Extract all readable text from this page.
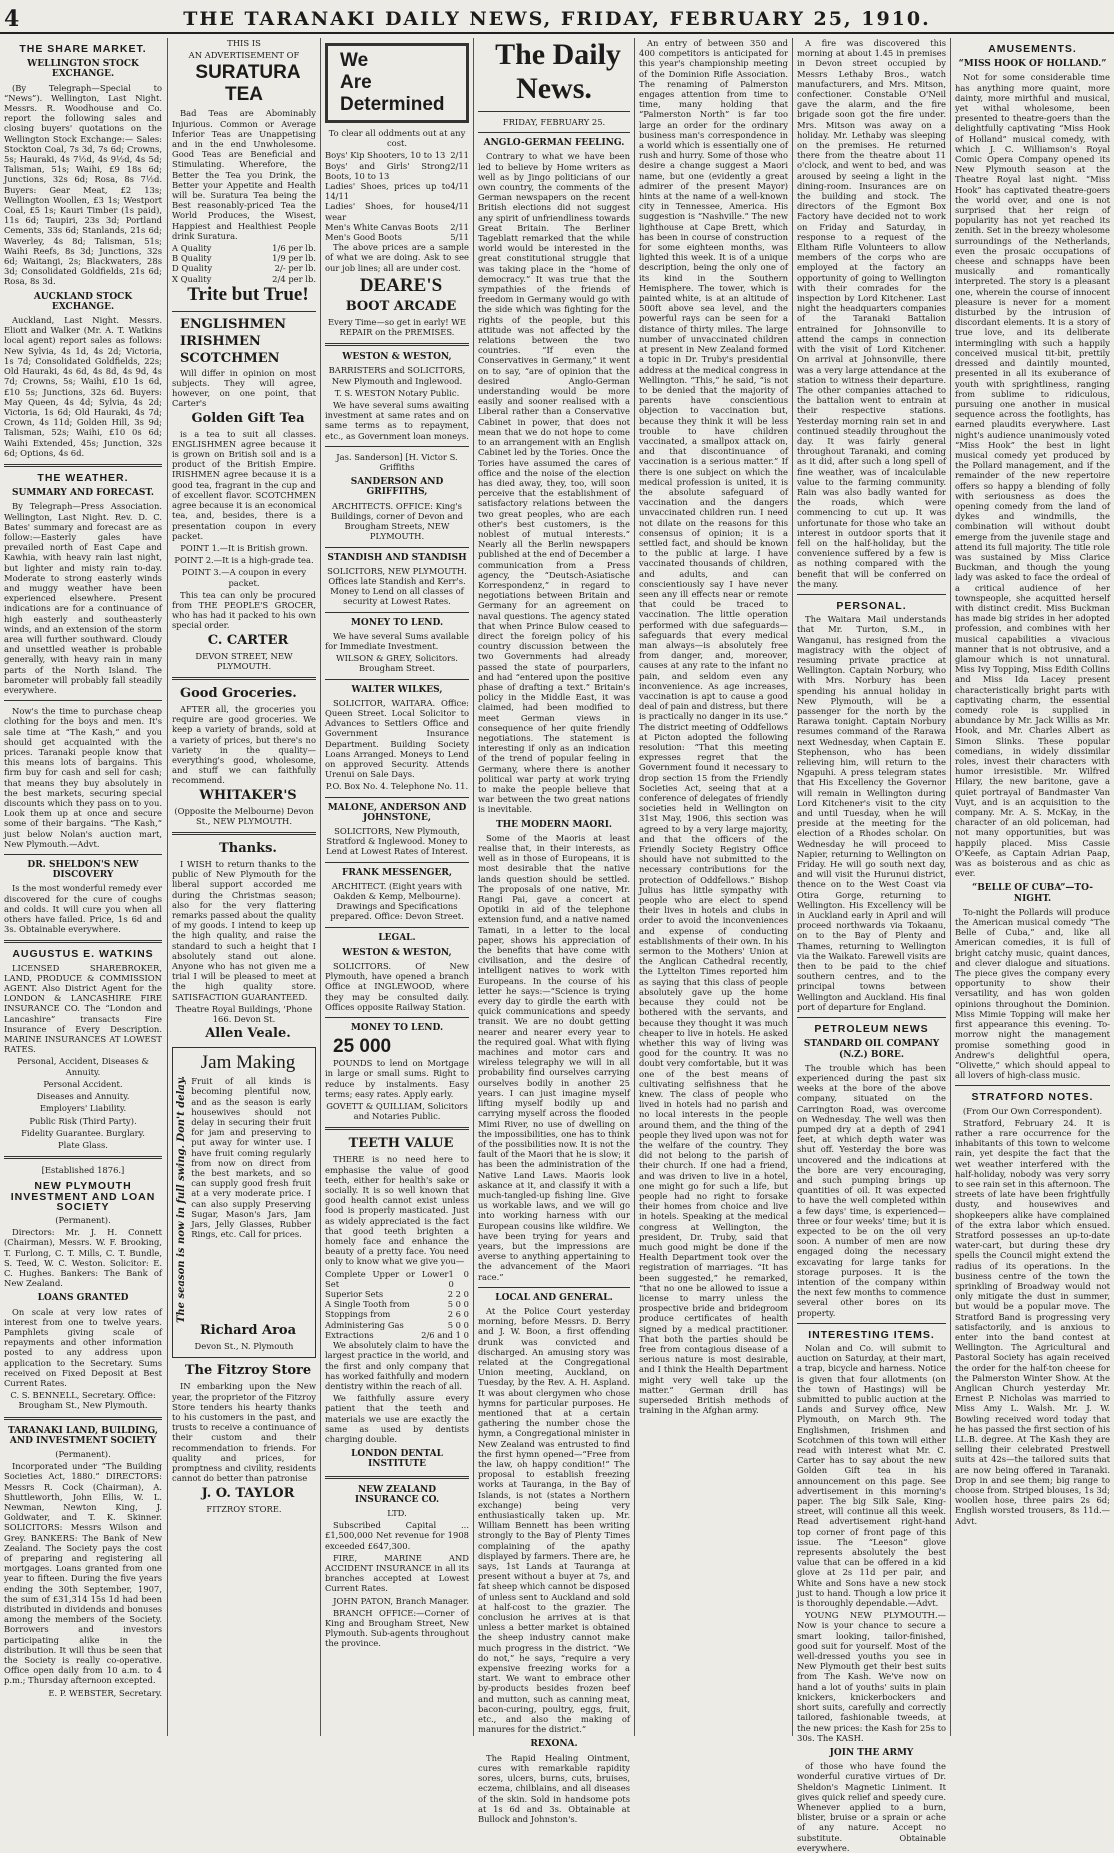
4	THE TARANAKI DAILY NEWS, FRIDAY, FEBRUARY 25, 1910.

THE SHARE MARKET.

WELLINGTON STOCK EXCHANGE.

(By Telegraph—Special to “News”). Wellington, Last Night. Messrs. R. Woodhouse and Co. report the following sales and closing buyers' quotations on the Wellington Stock Exchange:— Sales: Stockton Coal, 7s 3d, 7s 6d; Crowns, 5s; Hauraki, 4s 7½d, 4s 9½d, 4s 5d; Talisman, 51s; Waihi, £9 18s 6d; Junctions, 32s 6d; Rosa, 8s 7½d. Buyers: Gear Meat, £2 13s; Wellington Woollen, £3 1s; Westport Coal, £5 1s; Kauri Timber (1s paid), 11s 6d; Taupiri, 23s 3d; Portland Cements, 33s 6d; Stanlands, 21s 6d; Waverley, 4s 8d; Talisman, 51s; Waihi Reefs, 8s 3d; Junctions, 32s 6d; Waitangi, 2s; Blackwaters, 28s 3d; Consolidated Goldfields, 21s 6d; Rosa, 8s 3d.

AUCKLAND STOCK EXCHANGE.

Auckland, Last Night. Messrs. Eliott and Walker (Mr. A. T. Watkins local agent) report sales as follows: New Sylvia, 4s 1d, 4s 2d; Victoria, 1s 7d; Consolidated Goldfields, 22s; Old Hauraki, 4s 6d, 4s 8d, 4s 9d, 4s 7d; Crowns, 5s; Waihi, £10 1s 6d, £10 5s; Junctions, 32s 6d. Buyers: May Queen, 4s 4d; Sylvia, 4s 2d; Victoria, 1s 6d; Old Hauraki, 4s 7d; Crown, 4s 11d; Golden Hill, 3s 9d; Talisman, 52s; Waihi, £10 0s 6d; Waihi Extended, 45s; Junction, 32s 6d; Options, 4s 6d.

THE WEATHER.

SUMMARY AND FORECAST.

By Telegraph—Press Association. Wellington, Last Night. Rev. D. C. Bates' summary and forecast are as follow:—Easterly gales have prevailed north of East Cape and Kawhia, with heavy rain last night, but lighter and misty rain to-day. Moderate to strong easterly winds and muggy weather have been experienced elsewhere. Present indications are for a continuance of high easterly and southeasterly winds, and an extension of the storm area will further southward. Cloudy and unsettled weather is probable generally, with heavy rain in many parts of the North Island. The barometer will probably fall steadily everywhere.

Now's the time to purchase cheap clothing for the boys and men. It's sale time at “The Kash,” and you should get acquainted with the prices. Taranaki people know that this means lots of bargains. This firm buy for cash and sell for cash; that means they buy absolutely in the best markets, securing special discounts which they pass on to you. Look them up at once and secure some of their bargains. “The Kash,” just below Nolan's auction mart, New Plymouth.—Advt.

DR. SHELDON'S NEW DISCOVERY

Is the most wonderful remedy ever discovered for the cure of coughs and colds. It will cure you when all others have failed. Price, 1s 6d and 3s. Obtainable everywhere.

AUGUSTUS E. WATKINS

LICENSED SHAREBROKER, LAND, PRODUCE & COMMISSION AGENT. Also District Agent for the LONDON & LANCASHIRE FIRE INSURANCE CO. The “London and Lancashire” transacts Fire Insurance of Every Description. MARINE INSURANCES AT LOWEST RATES.

Personal, Accident, Diseases & Annuity.

Personal Accident.

Diseases and Annuity.

Employers' Liability.

Public Risk (Third Party).

Fidelity Guarantee. Burglary.

Plate Glass.

[Established 1876.]

NEW PLYMOUTH INVESTMENT AND LOAN SOCIETY

(Permanent).

Directors: Mr. J. H. Connett (Chairman), Messrs. W. F. Brooking, T. Furlong, C. T. Mills, C. T. Bundle, S. Teed, W. C. Weston. Solicitor: E. C. Hughes. Bankers: The Bank of New Zealand.

LOANS GRANTED

On scale at very low rates of interest from one to twelve years. Pamphlets giving scale of repayments and other information posted to any address upon application to the Secretary. Sums received on Fixed Deposit at Best Current Rates.

C. S. BENNELL, Secretary. Office: Brougham St., New Plymouth.

TARANAKI LAND, BUILDING, AND INVESTMENT SOCIETY

(Permanent).

Incorporated under “The Building Societies Act, 1880.” DIRECTORS: Messrs R. Cock (Chairman), A. Shuttleworth, John Ellis, W. L. Newman, Newton King, J. Goldwater, and T. K. Skinner. SOLICITORS: Messrs Wilson and Grey. BANKERS: The Bank of New Zealand. The Society pays the cost of preparing and registering all mortgages. Loans granted from one year to fifteen. During the five years ending the 30th September, 1907, the sum of £31,314 15s 1d had been distributed in dividends and bonuses among the members of the Society. Borrowers and investors participating alike in the distribution. It will thus be seen that the Society is really co-operative. Office open daily from 10 a.m. to 4 p.m.; Thursday afternoon excepted.

E. P. WEBSTER, Secretary.

THIS IS

AN ADVERTISEMENT OF

SURATURA TEA

Bad Teas are Abominably Injurious. Common or Average Inferior Teas are Unappetising and in the end Unwholesome. Good Teas are Beneficial and Stimulating. Wherefore, the Better the Tea you Drink, the Better your Appetite and Health will be. Suratura Tea being the Best reasonably-priced Tea the World Produces, the Wisest, Happiest and Healthiest People drink Suratura.

A Quality	1/6 per lb.
B Quality	1/9 per lb.
D Quality	2/- per lb.
X Quality	2/4 per lb.

Trite but True!

ENGLISHMEN

IRISHMEN

SCOTCHMEN

Will differ in opinion on most subjects. They will agree, however, on one point, that Carter's

Golden Gift Tea

is a tea to suit all classes. ENGLISHMEN agree because it is grown on British soil and is a product of the British Empire. IRISHMEN agree because it is a good tea, fragrant in the cup and of excellent flavor. SCOTCHMEN agree because it is an economical tea, and, besides, there is a presentation coupon in every packet.

POINT 1.—It is British grown.

POINT 2.—It is a high-grade tea.

POINT 3.—A coupon in every packet.

This tea can only be procured from THE PEOPLE'S GROCER, who has had it packed to his own special order.

C. CARTER

DEVON STREET, NEW PLYMOUTH.

Good Groceries.

AFTER all, the groceries you require are good groceries. We keep a variety of brands, sold at a variety of prices, but there's no variety in the quality—everything's good, wholesome, and stuff we can faithfully recommend.

WHITAKER'S

(Opposite the Melbourne) Devon St., NEW PLYMOUTH.

Thanks.

I WISH to return thanks to the public of New Plymouth for the liberal support accorded me during the Christmas season; also for the very flattering remarks passed about the quality of my goods. I intend to keep up the high quality, and raise the standard to such a height that I absolutely stand out alone. Anyone who has not given me a trial I will be pleased to meet at the high quality store. SATISFACTION GUARANTEED.

Theatre Royal Buildings, 'Phone 166. Devon St.

Allen Veale.

Jam Making

The season is now in full swing. Don't delay. Fruit of all kinds is becoming plentiful now, and as the season is early housewives should not delay in securing their fruit for jam and preserving to put away for winter use. I have fruit coming regularly from now on direct from the best markets, and so can supply good fresh fruit at a very moderate price. I can also supply Preserving Sugar, Mason's Jars, Jam Jars, Jelly Glasses, Rubber Rings, etc. Call for prices.

Richard Aroa

Devon St., N. Plymouth

The Fitzroy Store

IN embarking upon the New year, the proprietor of the Fitzroy Store tenders his hearty thanks to his customers in the past, and trusts to receive a continuance of their custom and their recommendation to friends. For quality and prices, for promptness and civility, residents cannot do better than patronise

J. O. TAYLOR

FITZROY STORE.

We

Are

Determined

To clear all oddments out at any cost.

Boys' Kip Shooters, 10 to 13 2/11
Boys' and Girls' Strong Boots, 10 to 13
2/11
Ladies' Shoes, prices up to 14/11
4/11
Ladies' Shoes, for house wear
4/11
Men's White Canvas Boots 2/11
Men's Good Boots	5/11

The above prices are a sample of what we are doing. Ask to see our job lines; all are under cost.

DEARE'S

BOOT ARCADE

Every Time—so get in early! WE REPAIR on the PREMISES.

WESTON & WESTON,

BARRISTERS and SOLICITORS, New Plymouth and Inglewood.

T. S. WESTON Notary Public.

We have several sums awaiting investment at same rates and on same terms as to repayment, etc., as Government loan moneys.

Jas. Sanderson] [H. Victor S. Griffiths

SANDERSON AND GRIFFITHS,

ARCHITECTS. OFFICE: King's Buildings, corner of Devon and Brougham Streets, NEW PLYMOUTH.

STANDISH AND STANDISH

SOLICITORS, NEW PLYMOUTH. Offices late Standish and Kerr's. Money to Lend on all classes of security at Lowest Rates.

MONEY TO LEND.

We have several Sums available for Immediate Investment.

WILSON & GREY, Solicitors. Brougham Street.

WALTER WILKES,

SOLICITOR, WAITARA. Office: Queen Street. Local Solicitor to Advances to Settlers Office and Government Insurance Department. Building Society Loans Arranged. Moneys to Lend on approved Security. Attends Urenui on Sale Days.

P.O. Box No. 4. Telephone No. 11.

MALONE, ANDERSON AND JOHNSTONE,

SOLICITORS, New Plymouth, Stratford & Inglewood. Money to Lend at Lowest Rates of Interest.

FRANK MESSENGER,

ARCHITECT. (Eight years with Oakden & Kemp, Melbourne). Drawings and Specifications prepared. Office: Devon Street.

LEGAL.

WESTON & WESTON,

SOLICITORS. Of New Plymouth, have opened a branch Office at INGLEWOOD, where they may be consulted daily. Offices opposite Railway Station.

MONEY TO LEND.

25 000

POUNDS to lend on Mortgage in large or small sums. Right to reduce by instalments. Easy terms; easy rates. Apply early.

GOVETT & QUILLIAM, Solicitors and Notaries Public.

TEETH VALUE

THERE is no need here to emphasise the value of good teeth, either for health's sake or socially. It is so well known that good health cannot exist unless food is properly masticated. Just as widely appreciated is the fact that good teeth brighten a homely face and enhance the beauty of a pretty face. You need only to know what we give you—

Complete Upper or Lower Set
1 0 0
Superior Sets	2 2 0
A Single Tooth from	5 0 0
Stoppings from	2 6 0
Administering Gas	5 0 0
Extractions	2/6 and 1 0

We absolutely claim to have the largest practice in the world, and the first and only company that has worked faithfully and modern dentistry within the reach of all.

We faithfully assure every patient that the teeth and materials we use are exactly the same as used by dentists charging double.

LONDON DENTAL INSTITUTE

NEW ZEALAND INSURANCE CO.

LTD.

Subscribed Capital ... £1,500,000 Net revenue for 1908 exceeded £647,300.

FIRE, MARINE AND ACCIDENT INSURANCE in all its branches accepted at Lowest Current Rates.

JOHN PATON, Branch Manager.

BRANCH OFFICE:—Corner of King and Brougham Street, New Plymouth. Sub-agents throughout the province.

The Daily News.

FRIDAY, FEBRUARY 25.

ANGLO-GERMAN FEELING.

Contrary to what we have been led to believe by Home writers as well as by Jingo politicians of our own country, the comments of the German newspapers on the recent British elections did not suggest any spirit of unfriendliness towards Great Britain. The Berliner Tageblatt remarked that the while world would be interested in the great constitutional struggle that was taking place in the “home of democracy.” It was true that the sympathies of the friends of freedom in Germany would go with the side which was fighting for the rights of the people, but this attitude was not affected by the relations between the two countries. “If even the Conservatives in Germany,” it went on to say, “are of opinion that the desired Anglo-German understanding would be more easily and sooner realised with a Liberal rather than a Conservative Cabinet in power, that does not mean that we do not hope to come to an arrangement with an English Cabinet led by the Tories. Once the Tories have assumed the cares of office and the noise of the election has died away, they, too, will soon perceive that the establishment of satisfactory relations between the two great peoples, who are each other's best customers, is the noblest of mutual interests.” Nearly all the Berlin newspapers published at the end of December a communication from a Press agency, the “Deutsch-Asiatische Korrespondenz,” in regard to negotiations between Britain and Germany for an agreement on naval questions. The agency stated that when Prince Bulow ceased to direct the foreign policy of his country discussion between the two Governments had already passed the state of pourparlers, and had “entered upon the positive phase of drafting a text.” Britain's policy in the Middle East, it was claimed, had been modified to meet German views in consequence of her quite friendly negotiations. The statement is interesting if only as an indication of the trend of popular feeling in Germany, where there is another political war party at work trying to make the people believe that war between the two great nations is inevitable.

THE MODERN MAORI.

Some of the Maoris at least realise that, in their interests, as well as in those of Europeans, it is most desirable that the native lands question should be settled. The proposals of one native, Mr. Rangi Pai, gave a concert at Opotiki in aid of the telephone extension fund, and a native named Tamati, in a letter to the local paper, shows his appreciation of the benefits that have come with civilisation, and the desire of intelligent natives to work with Europeans. In the course of his letter he says:—“Science is trying every day to girdle the earth with quick communications and speedy transit. We are no doubt getting nearer and nearer every year to the required goal. What with flying machines and motor cars and wireless telegraphy we will in all probability find ourselves carrying ourselves bodily in another 25 years. I can just imagine myself lifting myself bodily up and carrying myself across the flooded Mimi River, no use of dwelling on the impossibilities, one has to think of the possibilities now. It is not the fault of the Maori that he is slow; it has been the administration of the Native Land Laws. Maoris look askance at it, and classify it with a much-tangled-up fishing line. Give us workable laws, and we will go into working harness with our European cousins like wildfire. We have been trying for years and years, but the impressions are averse to anything appertaining to the advancement of the Maori race.”

LOCAL AND GENERAL.

At the Police Court yesterday morning, before Messrs. D. Berry and J. W. Boon, a first offending drunk was convicted and discharged. An amusing story was related at the Congregational Union meeting, Auckland, on Tuesday, by the Rev. A. H. Aspland. It was about clergymen who chose hymns for particular purposes. He mentioned that at a certain gathering the number chose the hymn, a Congregational minister in New Zealand was entrusted to find the first hymn opened—“Free from the law, oh happy condition!” The proposal to establish freezing works at Tauranga, in the Bay of Islands, is not (states a Northern exchange) being very enthusiastically taken up. Mr. William Bennett has been writing strongly to the Bay of Plenty Times complaining of the apathy displayed by farmers. There are, he says, 1st Lands at Tauranga at present without a buyer at 7s, and fat sheep which cannot be disposed of unless sent to Auckland and sold at half-cost to the grazier. The conclusion he arrives at is that unless a better market is obtained the sheep industry cannot make much progress in the district. “We do not,” he says, “require a very expensive freezing works for a start. We want to embrace other by-products besides frozen beef and mutton, such as canning meat, bacon-curing, poultry, eggs, fruit, etc., and also the making of manures for the district.”

REXONA.

The Rapid Healing Ointment, cures with remarkable rapidity sores, ulcers, burns, cuts, bruises, eczema, chilblains, and all diseases of the skin. Sold in handsome pots at 1s 6d and 3s. Obtainable at Bullock and Johnston's.

An entry of between 350 and 400 competitors is anticipated for this year's championship meeting of the Dominion Rifle Association. The renaming of Palmerston engages attention from time to time, many holding that “Palmerston North” is far too large an order for the ordinary business man's correspondence in a world which is essentially one of rush and hurry. Some of those who desire a change suggest a Maori name, but one (evidently a great admirer of the present Mayor) hints at the name of a well-known city in Tennessee, America. His suggestion is “Nashville.” The new lighthouse at Cape Brett, which has been in course of construction for some eighteen months, was lighted this week. It is of a unique description, being the only one of its kind in the Southern Hemisphere. The tower, which is painted white, is at an altitude of 500ft above sea level, and the powerful rays can be seen for a distance of thirty miles. The large number of unvaccinated children at present in New Zealand formed a topic in Dr. Truby's presidential address at the medical congress in Wellington. “This,” he said, “is not to be denied that the majority of parents have conscientious objection to vaccination but, because they think it will be less trouble to have children vaccinated, a smallpox attack on, and that discontinuance of vaccination is a serious matter.” If there is one subject on which the medical profession is united, it is the absolute safeguard of vaccination and the dangers unvaccinated children run. I need not dilate on the reasons for this consensus of opinion; it is a settled fact, and should be known to the public at large. I have vaccinated thousands of children, and adults, and can conscientiously say I have never seen any ill effects near or remote that could be traced to vaccination. The little operation performed with due safeguards—safeguards that every medical man always—is absolutely free from danger, and, moreover, causes at any rate to the infant no pain, and seldom even any inconvenience. As age increases, vaccination is apt to cause a good deal of pain and distress, but there is practically no danger in its use.” The district meeting of Oddfellows at Picton adopted the following resolution: “That this meeting expresses regret that the Government found it necessary to drop section 15 from the Friendly Societies Act, seeing that at a conference of delegates of friendly societies held in Wellington on 31st May, 1906, this section was agreed to by a very large majority, and that the officers of the Friendly Society Registry Office should have not submitted to the necessary contributions for the protection of Oddfellows.” Bishop Julius has little sympathy with people who are elect to spend their lives in hotels and clubs in order to avoid the inconveniences and expense of conducting establishments of their own. In his sermon to the Mothers' Union at the Anglican Cathedral recently, the Lyttelton Times reported him as saying that this class of people absolutely gave up the home because they could not be bothered with the servants, and because they thought it was much cheaper to live in hotels. He asked whether this way of living was good for the country. It was no doubt very comfortable, but it was one of the best means of cultivating selfishness that he knew. The class of people who lived in hotels had no parish and no local interests in the people around them, and the thing of the people they lived upon was not for the welfare of the country. They did not belong to the parish of their church. If one had a friend, and was driven to live in a hotel, one might go for such a life, but people had no right to forsake their homes from choice and live in hotels. Speaking at the medical congress at Wellington, the president, Dr. Truby, said that much good might be done if the Health Department took over the registration of marriages. “It has been suggested,” he remarked, “that no one be allowed to issue a license to marry unless the prospective bride and bridegroom produce certificates of health signed by a medical practitioner. That both the parties should be free from contagious disease of a serious nature is most desirable, and I think the Health Department might very well take up the matter.” German drill has superseded British methods of training in the Afghan army.

A fire was discovered this morning at about 1.45 in premises in Devon street occupied by Messrs Lethaby Bros., watch manufacturers, and Mrs. Mitson, confectioner. Constable O'Neil gave the alarm, and the fire brigade soon got the fire under. Mrs. Mitson was away on a holiday. Mr. Lethaby was sleeping on the premises. He returned there from the theatre about 11 o'clock, and went to bed, and was aroused by seeing a light in the dining-room. Insurances are on the building and stock. The directors of the Egmont Box Factory have decided not to work on Friday and Saturday, in response to a request of the Eltham Rifle Volunteers to allow members of the corps who are employed at the factory an opportunity of going to Wellington with their comrades for the inspection by Lord Kitchener. Last night the headquarters companies of the Taranaki Battalion entrained for Johnsonville to attend the camps in connection with the visit of Lord Kitchener. On arrival at Johnsonville, there was a very large attendance at the station to witness their departure. The other companies attached to the battalion went to entrain at their respective stations. Yesterday morning rain set in and continued steadily throughout the day. It was fairly general throughout Taranaki, and coming as it did, after such a long spell of fine weather, was of incalculable value to the farming community. Rain was also badly wanted for the roads, which were commencing to cut up. It was unfortunate for those who take an interest in outdoor sports that it fell on the half-holiday, but the convenience suffered by a few is as nothing compared with the benefit that will be conferred on the many.

PERSONAL.

The Waitara Mail understands that Mr. Turton, S.M., in Wanganui, has resigned from the magistracy with the object of resuming private practice at Wellington. Captain Norbury, who with Mrs. Norbury has been spending his annual holiday in New Plymouth, will be a passenger for the north by the Rarawa tonight. Captain Norbury resumes command of the Rarawa next Wednesday, when Captain E. Stephenson, who has been relieving him, will return to the Ngapuhi. A press telegram states that His Excellency the Governor will remain in Wellington during Lord Kitchener's visit to the city and until Tuesday, when he will preside at the meeting for the election of a Rhodes scholar. On Wednesday he will proceed to Napier, returning to Wellington on Friday. He will go south next day, and will visit the Hurunui district, thence on to the West Coast via Otira Gorge, returning to Wellington. His Excellency will be in Auckland early in April and will proceed northwards via Tokaanu, on to the Bay of Plenty and Thames, returning to Wellington via the Waikato. Farewell visits are then to be paid to the chief southern centres, and to the principal towns between Wellington and Auckland. His final port of departure for England.

PETROLEUM NEWS

STANDARD OIL COMPANY (N.Z.) BORE.

The trouble which has been experienced during the past six weeks at the bore of the above company, situated on the Carrington Road, was overcome on Wednesday. The well was then pumped dry at a depth of 2941 feet, at which depth water was shut off. Yesterday the bore was uncovered and the indications at the bore are very encouraging, and such pumping brings up quantities of oil. It was expected to have the well completed within a few days' time, is experienced—three or four weeks' time; but it is expected to be on the oil very soon. A number of men are now engaged doing the necessary excavating for large tanks for storage purposes. It is the intention of the company within the next few months to commence several other bores on its property.

INTERESTING ITEMS.

Nolan and Co. will submit to auction on Saturday, at their mart, a trap, bicycle and harness. Notice is given that four allotments (on the town of Hastings) will be submitted to public auction at the Lands and Survey office, New Plymouth, on March 9th. The Englishmen, Irishmen and Scotchmen of this town will either read with interest what Mr. C. Carter has to say about the new Golden Gift tea in his announcement on this page. See advertisement in this morning's paper. The big Silk Sale, King-street, will continue all this week. Read advertisement right-hand top corner of front page of this issue. The “Leeson” glove represents absolutely the best value that can be offered in a kid glove at 2s 11d per pair, and White and Sons have a new stock just to hand. Though a low price it is thoroughly dependable.—Advt.

YOUNG NEW PLYMOUTH.—Now is your chance to secure a smart looking, tailor-finished, good suit for yourself. Most of the well-dressed youths you see in New Plymouth get their best suits from The Kash. We've now on hand a lot of youths' suits in plain knickers, knickerbockers and short suits, carefully and correctly tailored, fashionable tweeds, at the new prices: the Kash for 25s to 30s. The KASH.

JOIN THE ARMY

of those who have found the wonderful curative virtues of Dr. Sheldon's Magnetic Liniment. It gives quick relief and speedy cure. Whenever applied to a burn, blister, bruise or a sprain or ache of any nature. Accept no substitute. Obtainable everywhere.

AMUSEMENTS.

“MISS HOOK OF HOLLAND.”

Not for some considerable time has anything more quaint, more dainty, more mirthful and musical, yet withal wholesome, been presented to theatre-goers than the delightfully captivating “Miss Hook of Holland” musical comedy, with which J. C. Williamson's Royal Comic Opera Company opened its New Plymouth season at the Theatre Royal last night. “Miss Hook” has captivated theatre-goers the world over, and one is not surprised that her reign of popularity has not yet reached its zenith. Set in the breezy wholesome surroundings of the Netherlands, even the prosaic occupations of cheese and schnapps have been musically and romantically interpreted. The story is a pleasant one, wherein the course of innocent pleasure is never for a moment disturbed by the intrusion of discordant elements. It is a story of true love, and its deliberate intermingling with such a happily conceived musical tit-bit, prettily dressed and daintily mounted, presented in all its exuberance of youth with sprightliness, ranging from sublime to ridiculous, pursuing one another in musical sequence across the footlights, has earned plaudits everywhere. Last night's audience unanimously voted “Miss Hook” the best in light musical comedy yet produced by the Pollard management, and if the remainder of the new repertoire offers so happy a blending of folly with seriousness as does the opening comedy from the land of dykes and windmills, the combination will without doubt emerge from the juvenile stage and attend its full majority. The title role was sustained by Miss Clarice Buckman, and though the young lady was asked to face the ordeal of a critical audience of her townspeople, she acquitted herself with distinct credit. Miss Buckman has made big strides in her adopted profession, and combines with her musical capabilities a vivacious manner that is not obtrusive, and a glamour which is not unnatural. Miss Ivy Topping, Miss Edith Collins and Miss Ida Lacey present characteristically bright parts with captivating charm, the essential comedy role is supplied in abundance by Mr. Jack Willis as Mr. Hook, and Mr. Charles Albert as Simon Slinks. These popular comedians, in widely dissimilar roles, invest their characters with humor irresistible. Mr. Wilfred Hilary, the new baritone, gave a quiet portrayal of Bandmaster Van Vuyt, and is an acquisition to the company. Mr. A. S. McKay, in the character of an old policeman, had not many opportunities, but was happily placed. Miss Cassie O'Keefe, as Captain Adrian Paap, was as boisterous and as chic as ever.

“BELLE OF CUBA”—TO-NIGHT.

To-night the Pollards will produce the American musical comedy “The Belle of Cuba,” and, like all American comedies, it is full of bright catchy music, quaint dances, and clever dialogue and situations. The piece gives the company every opportunity to show their versatility, and has won golden opinions throughout the Dominion. Miss Mimie Topping will make her first appearance this evening. To-morrow night the management promise something good in Andrew's delightful opera, “Olivette,” which should appeal to all lovers of high-class music.

STRATFORD NOTES.

(From Our Own Correspondent).

Stratford, February 24. It is rather a rare occurrence for the inhabitants of this town to welcome rain, yet despite the fact that the wet weather interfered with the half-holiday, nobody was very sorry to see rain set in this afternoon. The streets of late have been frightfully dusty, and housewives and shopkeepers alike have complained of the extra labor which ensued. Stratford possesses an up-to-date water-cart, but during these dry spells the Council might extend the radius of its operations. In the business centre of the town the sprinkling of Broadway would not only mitigate the dust in summer, but would be a popular move. The Stratford Band is progressing very satisfactorily, and is anxious to enter into the band contest at Wellington. The Agricultural and Pastoral Society has again received the order for the half-ton cheese for the Palmerston Winter Show. At the Anglican Church yesterday Mr. Ernest P. Nicholas was married to Miss Amy L. Walsh. Mr. J. W. Bowling received word today that he has passed the first section of his LL.B. degree. At The Kash they are selling their celebrated Prestwell suits at 42s—the tailored suits that are now being offered in Taranaki. Drop in and see them; big range to choose from. Striped blouses, 1s 3d; woollen hose, three pairs 2s 6d; English worsted trousers, 8s 11d.—Advt.
